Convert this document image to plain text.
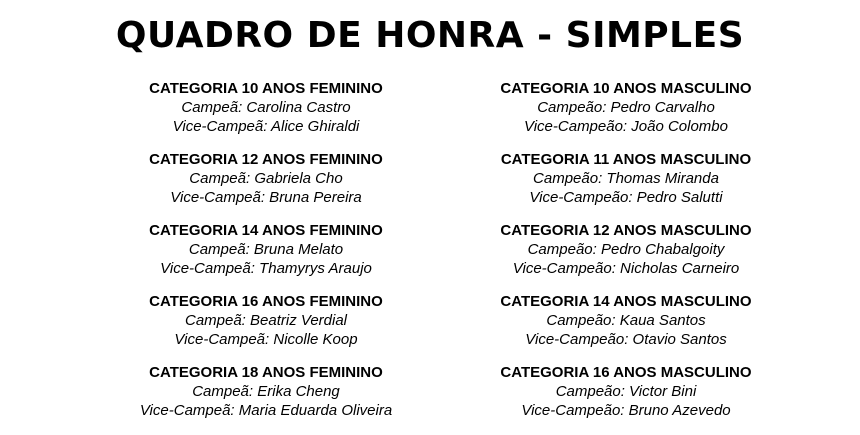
QUADRO DE HONRA - SIMPLES
CATEGORIA 10 ANOS FEMININO
Campeã: Carolina Castro
Vice-Campeã: Alice Ghiraldi
CATEGORIA 12 ANOS FEMININO
Campeã: Gabriela Cho
Vice-Campeã: Bruna Pereira
CATEGORIA 14 ANOS FEMININO
Campeã: Bruna Melato
Vice-Campeã: Thamyrys Araujo
CATEGORIA 16 ANOS FEMININO
Campeã: Beatriz Verdial
Vice-Campeã: Nicolle Koop
CATEGORIA 18 ANOS FEMININO
Campeã: Erika Cheng
Vice-Campeã: Maria Eduarda Oliveira
CATEGORIA 10 ANOS MASCULINO
Campeão: Pedro Carvalho
Vice-Campeão: João Colombo
CATEGORIA 11 ANOS MASCULINO
Campeão: Thomas Miranda
Vice-Campeão: Pedro Salutti
CATEGORIA 12 ANOS MASCULINO
Campeão: Pedro Chabalgoity
Vice-Campeão: Nicholas Carneiro
CATEGORIA 14 ANOS MASCULINO
Campeão: Kaua Santos
Vice-Campeão: Otavio Santos
CATEGORIA 16 ANOS MASCULINO
Campeão: Victor Bini
Vice-Campeão: Bruno Azevedo
